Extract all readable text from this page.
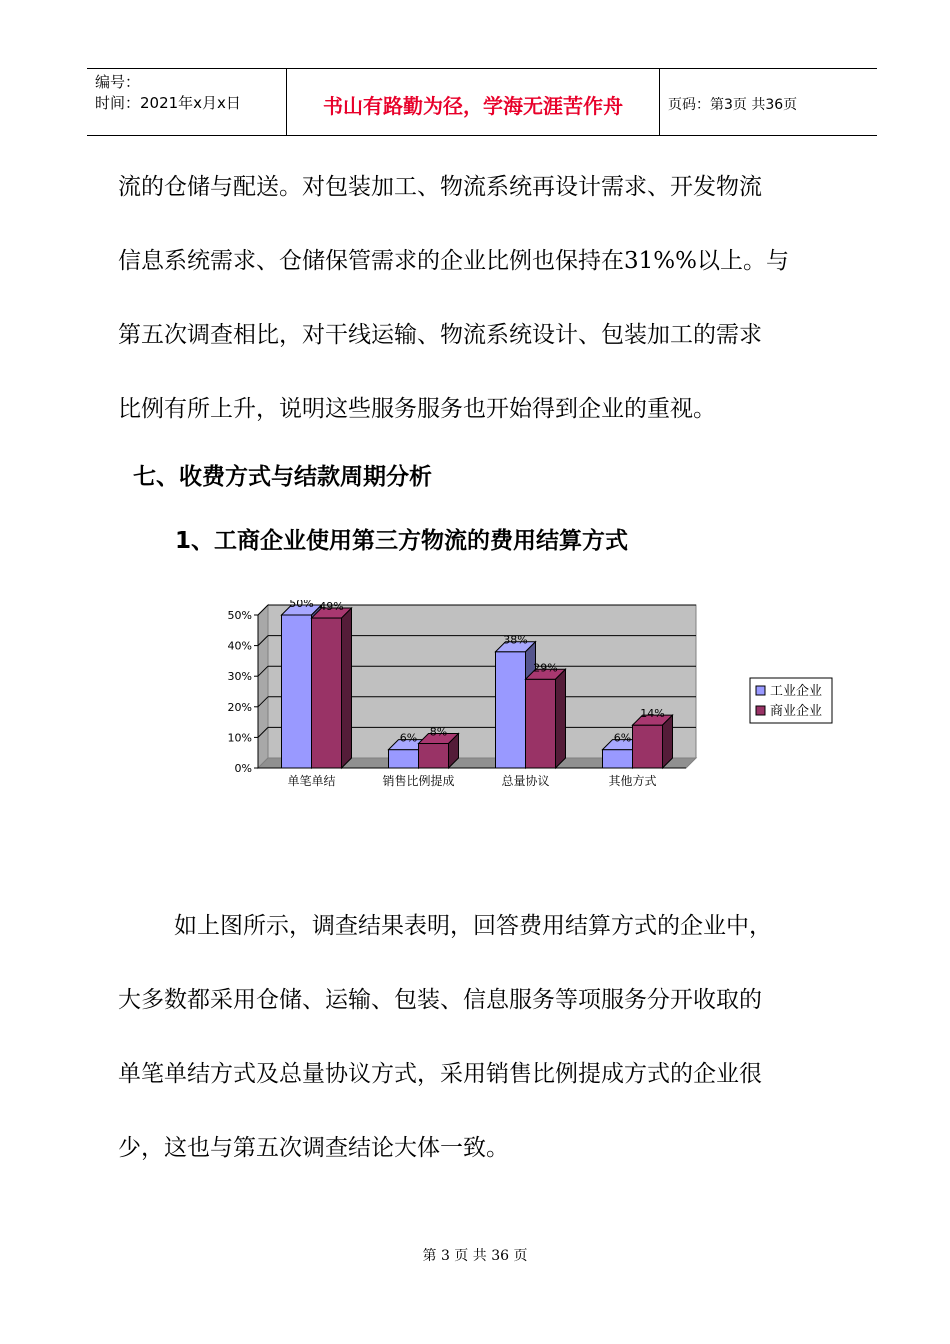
编号：
时间：2021年x月x日	书山有路勤为径，学海无涯苦作舟	页码：第3页 共36页
流的仓储与配送。对包装加工、物流系统再设计需求、开发物流
信息系统需求、仓储保管需求的企业比例也保持在31%%以上。与
第五次调查相比，对干线运输、物流系统设计、包装加工的需求
比例有所上升，说明这些服务服务也开始得到企业的重视。
七、收费方式与结款周期分析
1、工商企业使用第三方物流的费用结算方式
0%
10%
20%
30%
40%
50%
50% 49%
单笔单结
6% 8%
销售比例提成
38%
29%
总量协议
6%
14%
其他方式
工业企业
商业企业
如上图所示，调查结果表明，回答费用结算方式的企业中，
大多数都采用仓储、运输、包装、信息服务等项服务分开收取的
单笔单结方式及总量协议方式，采用销售比例提成方式的企业很
少，这也与第五次调查结论大体一致。
第 3 页 共 36 页
